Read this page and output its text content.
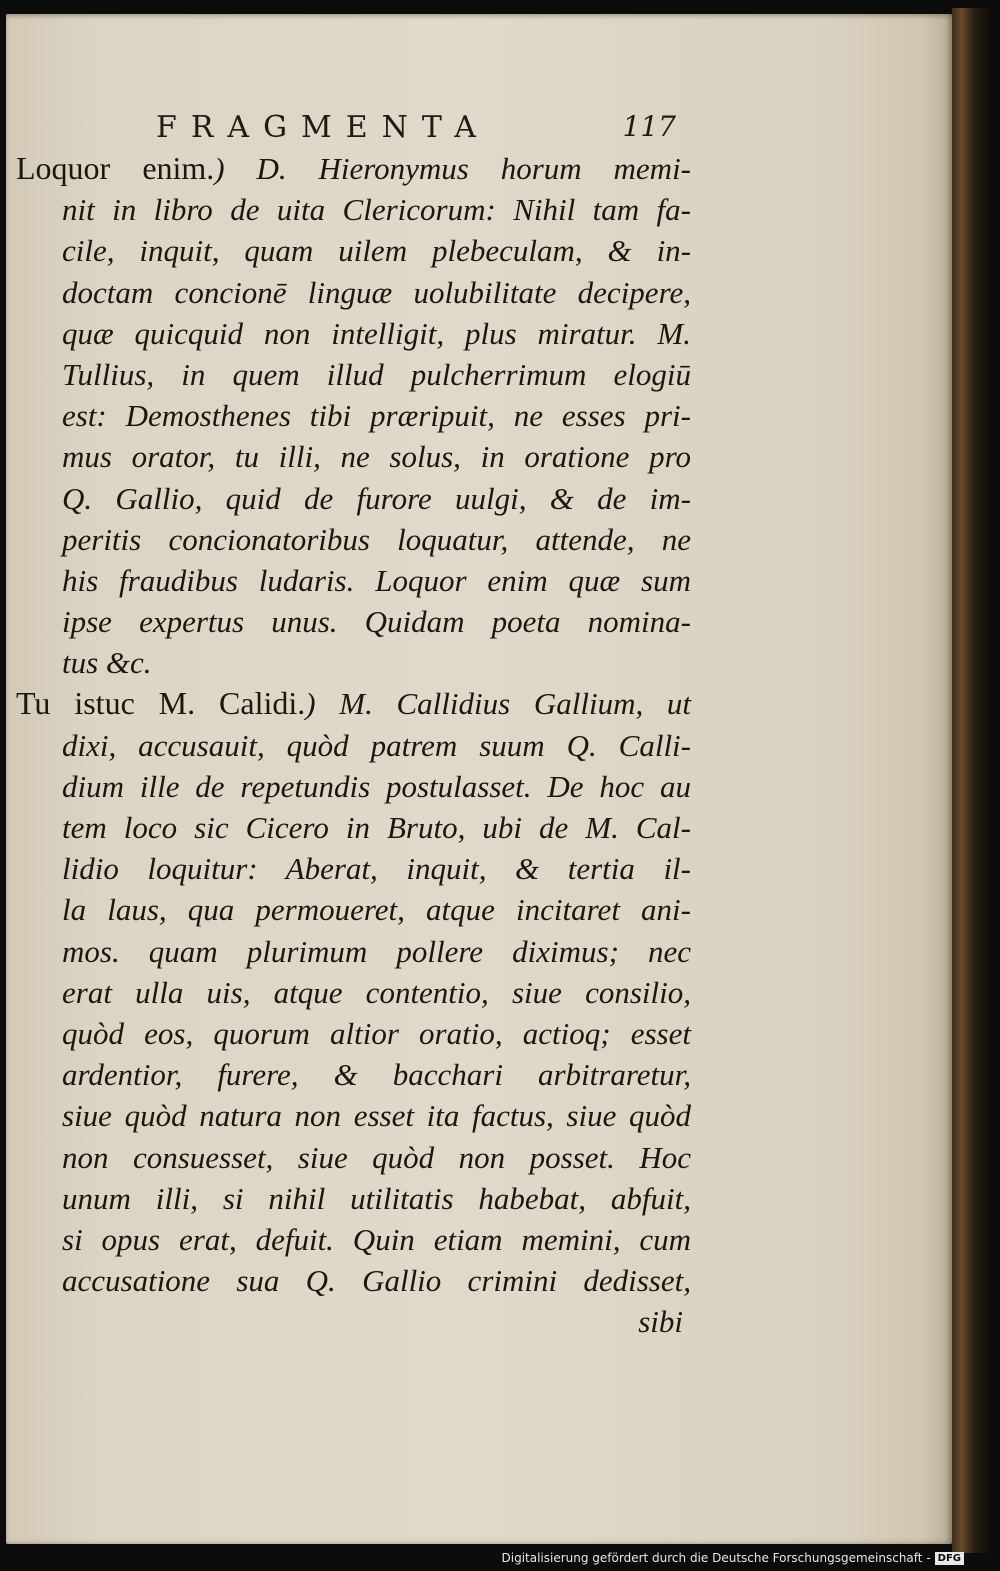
FRAGMENTA	117
Loquor enim.) D. Hieronymus horum memi-
nit in libro de uita Clericorum: Nihil tam fa-
cile, inquit, quam uilem plebeculam, & in-
doctam concionē linguæ uolubilitate decipere,
quæ quicquid non intelligit, plus miratur. M.
Tullius, in quem illud pulcherrimum elogiū
est: Demosthenes tibi præripuit, ne esses pri-
mus orator, tu illi, ne solus, in oratione pro
Q. Gallio, quid de furore uulgi, & de im-
peritis concionatoribus loquatur, attende, ne
his fraudibus ludaris. Loquor enim quæ sum
ipse expertus unus. Quidam poeta nomina-
tus &c.
Tu istuc M. Calidi.) M. Callidius Gallium, ut
dixi, accusauit, quòd patrem suum Q. Calli-
dium ille de repetundis postulasset. De hoc au
tem loco sic Cicero in Bruto, ubi de M. Cal-
lidio loquitur: Aberat, inquit, & tertia il-
la laus, qua permoueret, atque incitaret ani-
mos. quam plurimum pollere diximus; nec
erat ulla uis, atque contentio, siue consilio,
quòd eos, quorum altior oratio, actioq; esset
ardentior, furere, & bacchari arbitraretur,
siue quòd natura non esset ita factus, siue quòd
non consuesset, siue quòd non posset. Hoc
unum illi, si nihil utilitatis habebat, abfuit,
si opus erat, defuit. Quin etiam memini, cum
accusatione sua Q. Gallio crimini dedisset,
sibi
Digitalisierung gefördert durch die Deutsche Forschungsgemeinschaft - DFG
